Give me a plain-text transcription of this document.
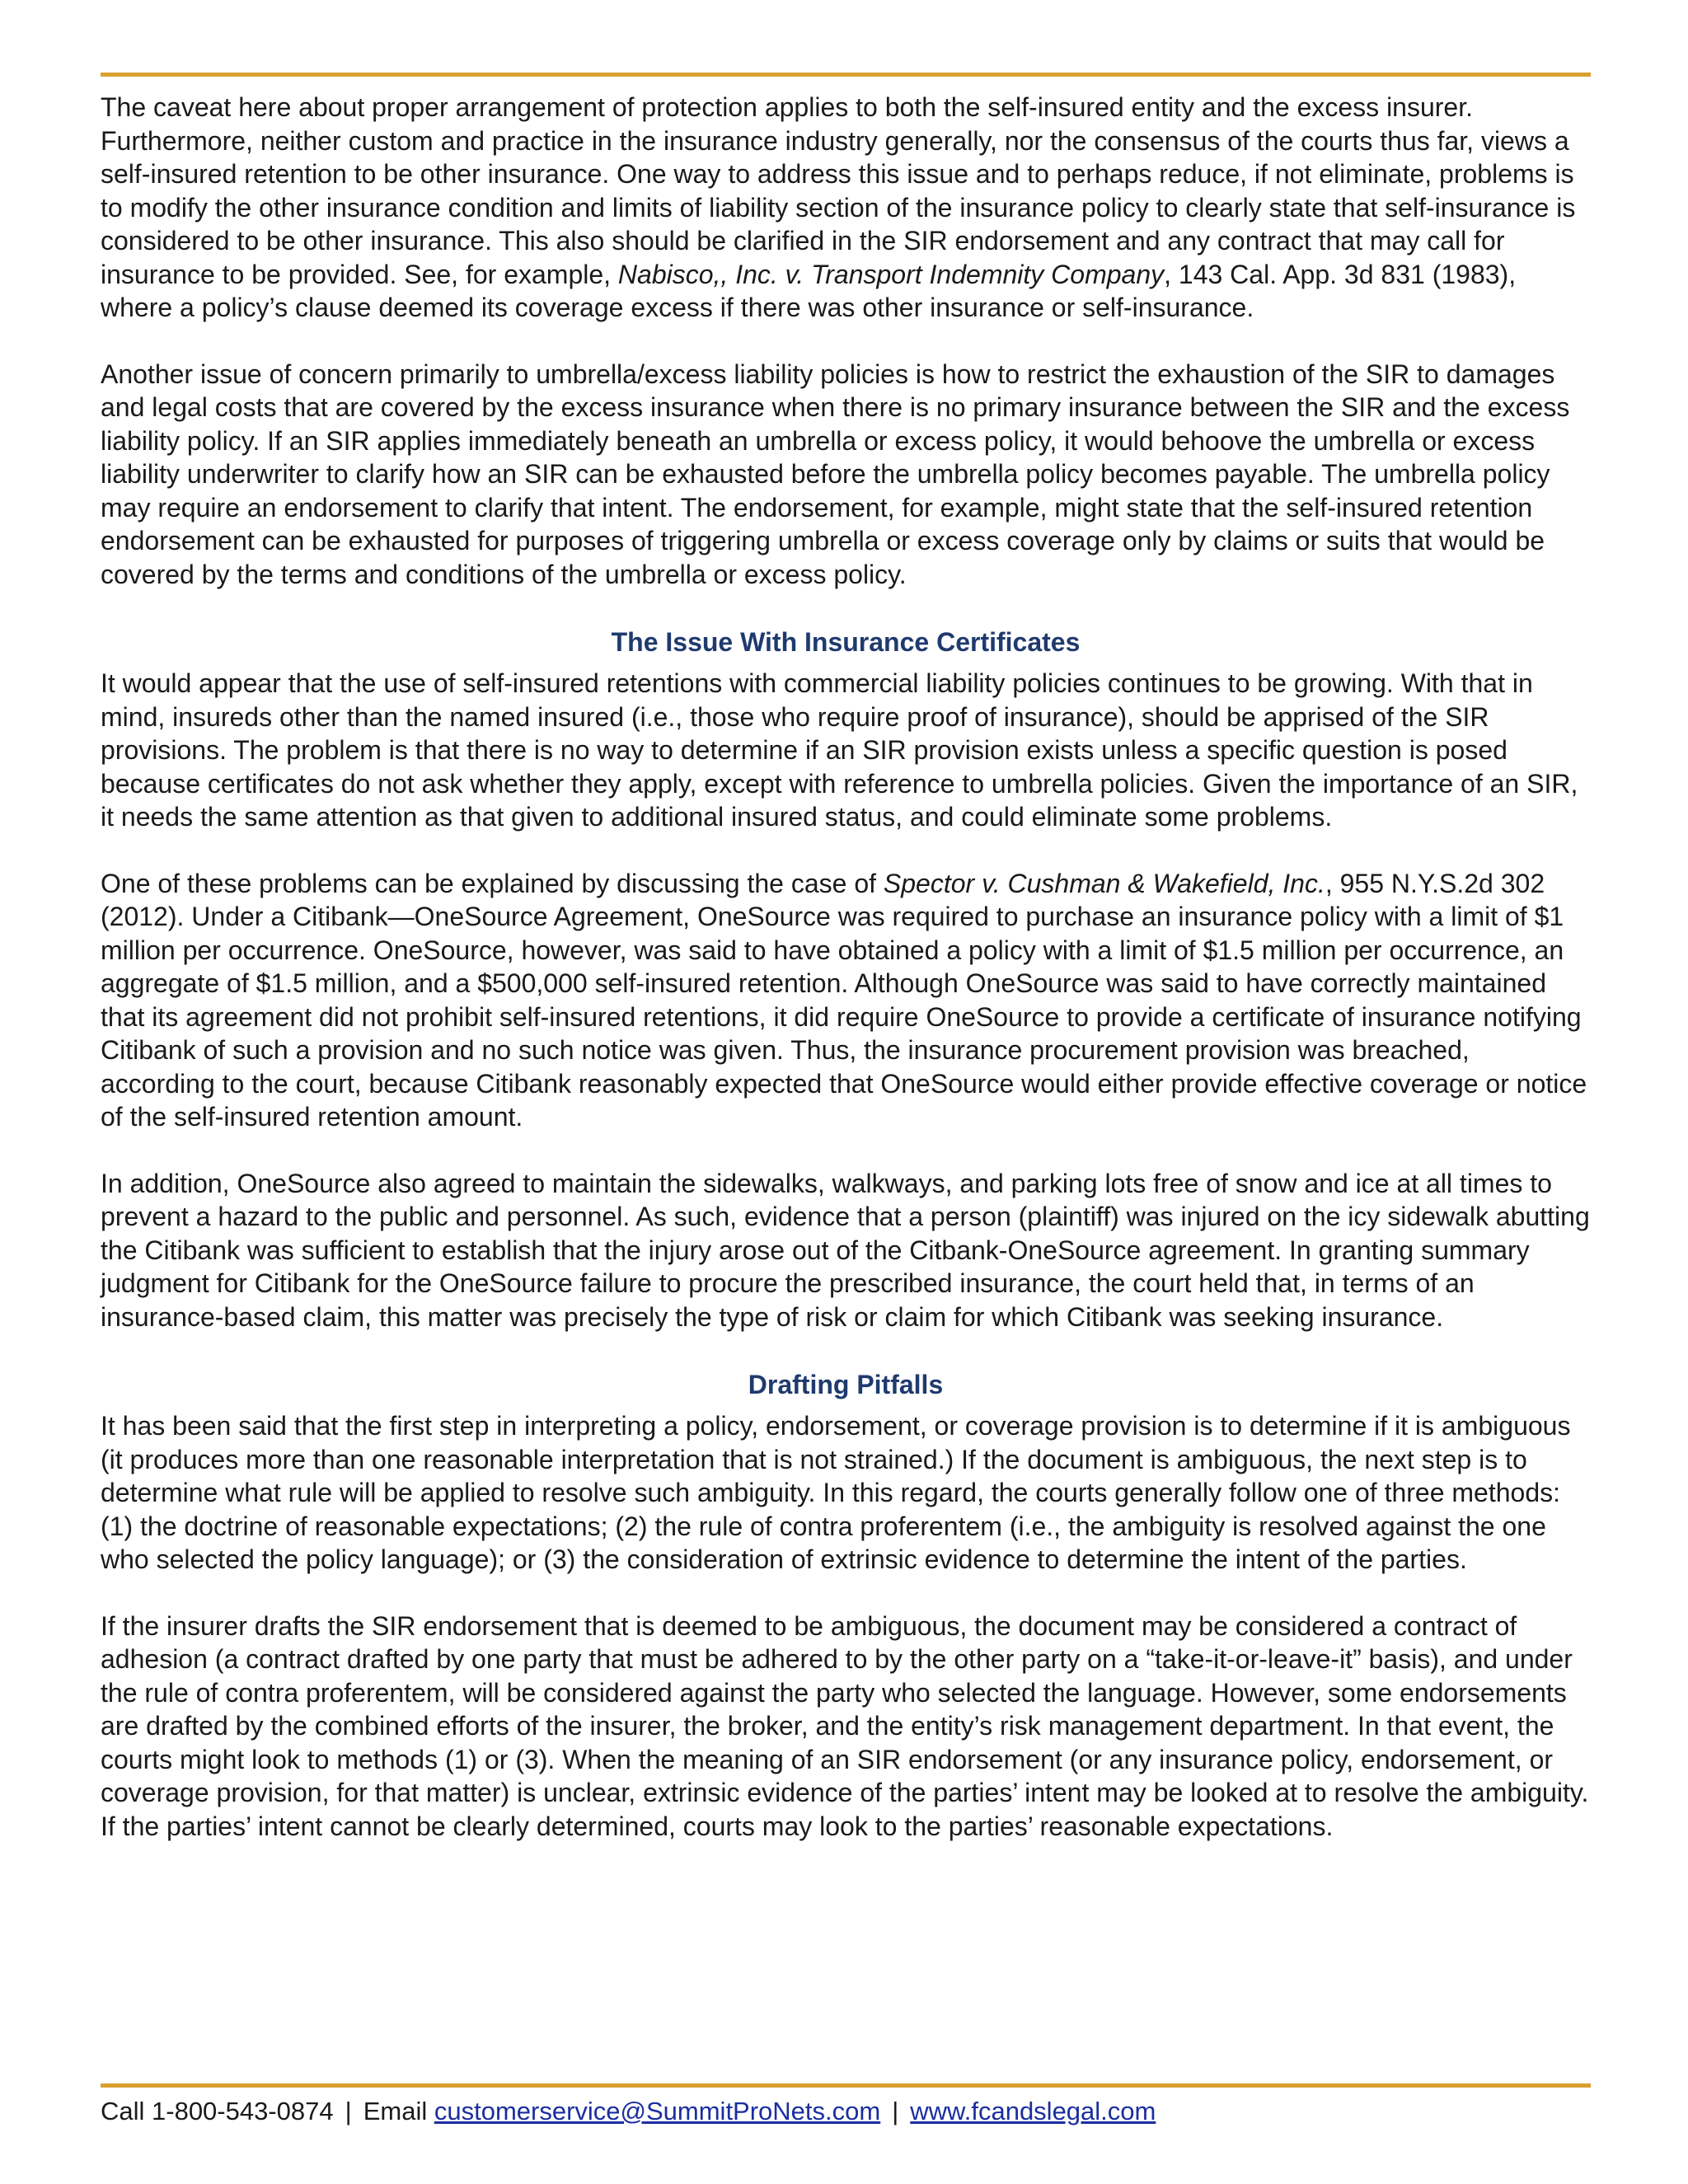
The caveat here about proper arrangement of protection applies to both the self-insured entity and the excess insurer. Furthermore, neither custom and practice in the insurance industry generally, nor the consensus of the courts thus far, views a self-insured retention to be other insurance. One way to address this issue and to perhaps reduce, if not eliminate, problems is to modify the other insurance condition and limits of liability section of the insurance policy to clearly state that self-insurance is considered to be other insurance. This also should be clarified in the SIR endorsement and any contract that may call for insurance to be provided. See, for example, Nabisco,, Inc. v. Transport Indemnity Company, 143 Cal. App. 3d 831 (1983), where a policy’s clause deemed its coverage excess if there was other insurance or self-insurance.

Another issue of concern primarily to umbrella/excess liability policies is how to restrict the exhaustion of the SIR to damages and legal costs that are covered by the excess insurance when there is no primary insurance between the SIR and the excess liability policy. If an SIR applies immediately beneath an umbrella or excess policy, it would behoove the umbrella or excess liability underwriter to clarify how an SIR can be exhausted before the umbrella policy becomes payable. The umbrella policy may require an endorsement to clarify that intent. The endorsement, for example, might state that the self-insured retention endorsement can be exhausted for purposes of triggering umbrella or excess coverage only by claims or suits that would be covered by the terms and conditions of the umbrella or excess policy.

The Issue With Insurance Certificates

It would appear that the use of self-insured retentions with commercial liability policies continues to be growing. With that in mind, insureds other than the named insured (i.e., those who require proof of insurance), should be apprised of the SIR provisions. The problem is that there is no way to determine if an SIR provision exists unless a specific question is posed because certificates do not ask whether they apply, except with reference to umbrella policies. Given the importance of an SIR, it needs the same attention as that given to additional insured status, and could eliminate some problems.

One of these problems can be explained by discussing the case of Spector v. Cushman & Wakefield, Inc., 955 N.Y.S.2d 302 (2012). Under a Citibank—OneSource Agreement, OneSource was required to purchase an insurance policy with a limit of $1 million per occurrence. OneSource, however, was said to have obtained a policy with a limit of $1.5 million per occurrence, an aggregate of $1.5 million, and a $500,000 self-insured retention. Although OneSource was said to have correctly maintained that its agreement did not prohibit self-insured retentions, it did require OneSource to provide a certificate of insurance notifying Citibank of such a provision and no such notice was given. Thus, the insurance procurement provision was breached, according to the court, because Citibank reasonably expected that OneSource would either provide effective coverage or notice of the self-insured retention amount.

In addition, OneSource also agreed to maintain the sidewalks, walkways, and parking lots free of snow and ice at all times to prevent a hazard to the public and personnel. As such, evidence that a person (plaintiff) was injured on the icy sidewalk abutting the Citibank was sufficient to establish that the injury arose out of the Citbank-OneSource agreement. In granting summary judgment for Citibank for the OneSource failure to procure the prescribed insurance, the court held that, in terms of an insurance-based claim, this matter was precisely the type of risk or claim for which Citibank was seeking insurance.

Drafting Pitfalls

It has been said that the first step in interpreting a policy, endorsement, or coverage provision is to determine if it is ambiguous (it produces more than one reasonable interpretation that is not strained.) If the document is ambiguous, the next step is to determine what rule will be applied to resolve such ambiguity. In this regard, the courts generally follow one of three methods: (1) the doctrine of reasonable expectations; (2) the rule of contra proferentem (i.e., the ambiguity is resolved against the one who selected the policy language); or (3) the consideration of extrinsic evidence to determine the intent of the parties.

If the insurer drafts the SIR endorsement that is deemed to be ambiguous, the document may be considered a contract of adhesion (a contract drafted by one party that must be adhered to by the other party on a “take-it-or-leave-it” basis), and under the rule of contra proferentem, will be considered against the party who selected the language. However, some endorsements are drafted by the combined efforts of the insurer, the broker, and the entity’s risk management department. In that event, the courts might look to methods (1) or (3). When the meaning of an SIR endorsement (or any insurance policy, endorsement, or coverage provision, for that matter) is unclear, extrinsic evidence of the parties’ intent may be looked at to resolve the ambiguity. If the parties’ intent cannot be clearly determined, courts may look to the parties’ reasonable expectations.

Call 1-800-543-0874 | Email customerservice@SummitProNets.com | www.fcandslegal.com
